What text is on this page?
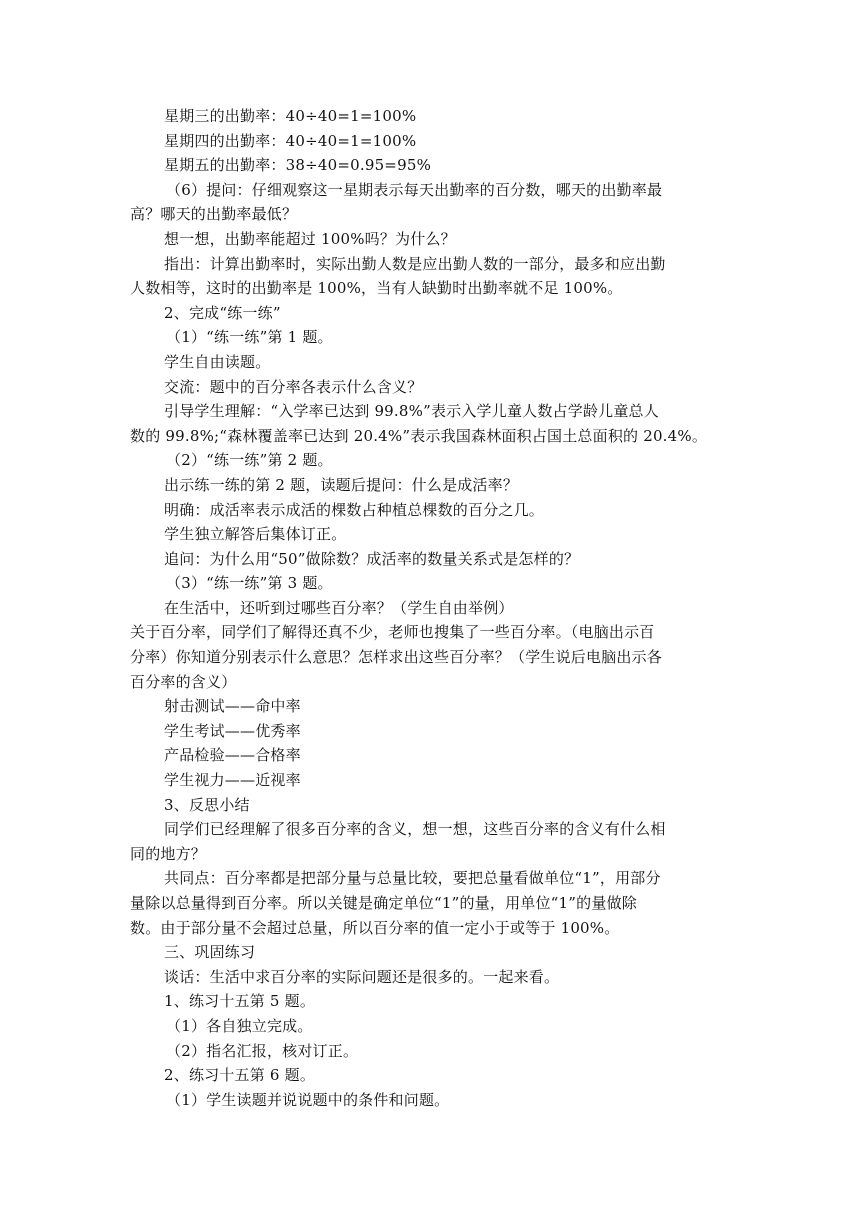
星期三的出勤率：40÷40=1=100%
星期四的出勤率：40÷40=1=100%
星期五的出勤率：38÷40=0.95=95%
（6）提问：仔细观察这一星期表示每天出勤率的百分数，哪天的出勤率最
高？哪天的出勤率最低？
想一想，出勤率能超过 100%吗？为什么？
指出：计算出勤率时，实际出勤人数是应出勤人数的一部分，最多和应出勤
人数相等，这时的出勤率是 100%，当有人缺勤时出勤率就不足 100%。
2、完成“练一练”
（1）“练一练”第 1 题。
学生自由读题。
交流：题中的百分率各表示什么含义？
引导学生理解：“入学率已达到 99.8%”表示入学儿童人数占学龄儿童总人
数的 99.8%;“森林覆盖率已达到 20.4%”表示我国森林面积占国土总面积的 20.4%。
（2）“练一练”第 2 题。
出示练一练的第 2 题，读题后提问：什么是成活率？
明确：成活率表示成活的棵数占种植总棵数的百分之几。
学生独立解答后集体订正。
追问：为什么用“50”做除数？成活率的数量关系式是怎样的？
（3）“练一练”第 3 题。
在生活中，还听到过哪些百分率？（学生自由举例）
关于百分率，同学们了解得还真不少，老师也搜集了一些百分率。（电脑出示百
分率）你知道分别表示什么意思？怎样求出这些百分率？（学生说后电脑出示各
百分率的含义）
射击测试——命中率
学生考试——优秀率
产品检验——合格率
学生视力——近视率
3、反思小结
同学们已经理解了很多百分率的含义，想一想，这些百分率的含义有什么相
同的地方？
共同点：百分率都是把部分量与总量比较，要把总量看做单位“1”，用部分
量除以总量得到百分率。所以关键是确定单位“1”的量，用单位“1”的量做除
数。由于部分量不会超过总量，所以百分率的值一定小于或等于 100%。
三、巩固练习
谈话：生活中求百分率的实际问题还是很多的。一起来看。
1、练习十五第 5 题。
（1）各自独立完成。
（2）指名汇报，核对订正。
2、练习十五第 6 题。
（1）学生读题并说说题中的条件和问题。
